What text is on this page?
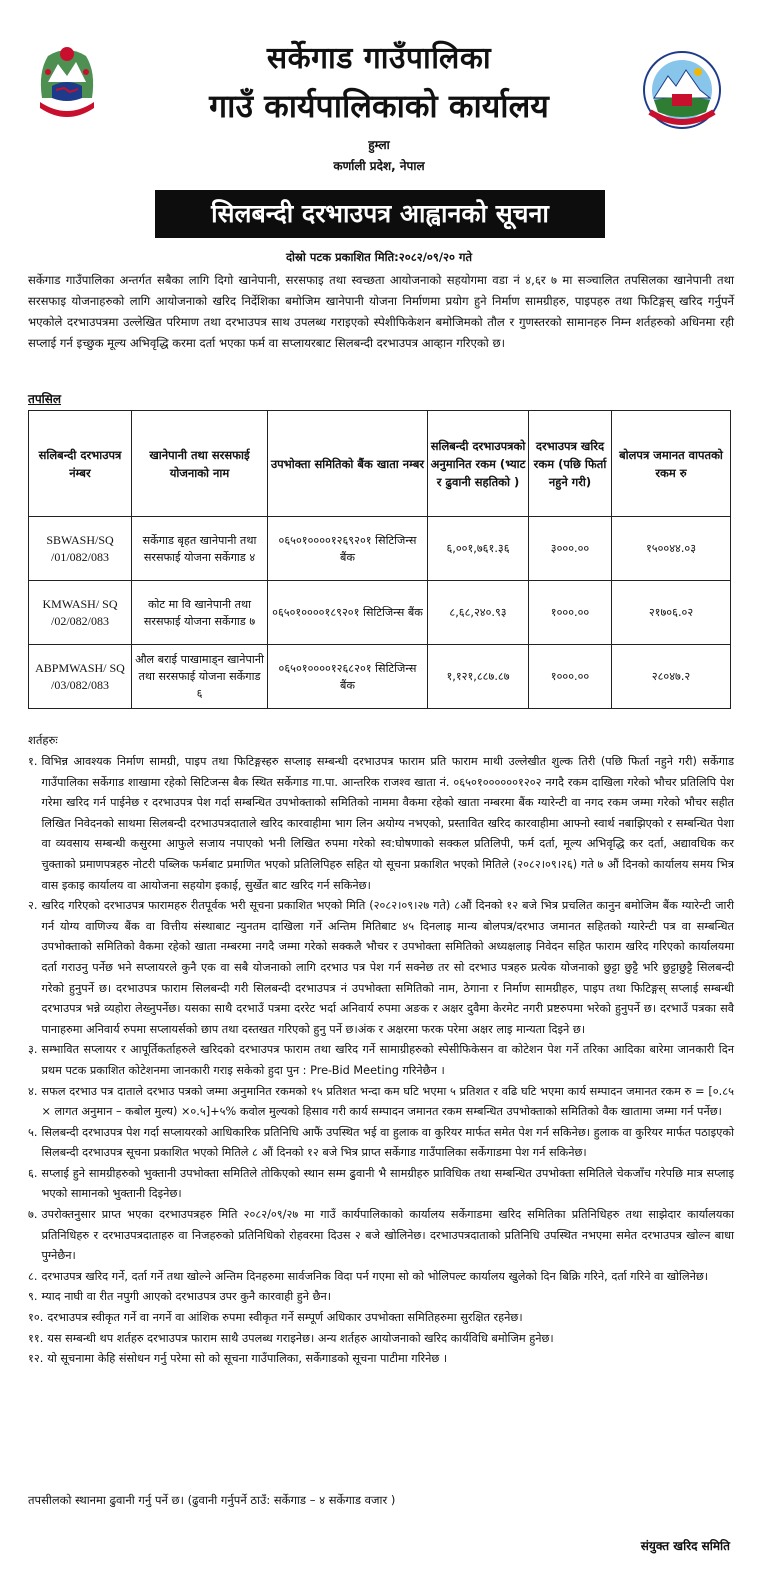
सर्केगाड गाउँपालिका
गाउँ कार्यपालिकाको कार्यालय
हुम्ला
कर्णाली प्रदेश, नेपाल
सिलबन्दी दरभाउपत्र आह्वानको सूचना
दोस्रो पटक प्रकाशित मिति:२०८२/०९/२० गते

सर्केगाड गाउँपालिका अन्तर्गत सबैका लागि दिगो खानेपानी, सरसफाइ तथा स्वच्छता आयोजनाको सहयोगमा वडा नं ४,६र ७ मा सञ्चालित तपसिलका खानेपानी तथा सरसफाइ योजनाहरुको लागि आयोजनाको खरिद निर्देशिका बमोजिम खानेपानी योजना निर्माणमा प्रयोग हुने निर्माण सामग्रीहरु, पाइपहरु तथा फिटिङ्गस् खरिद गर्नुपर्ने भएकोले दरभाउपत्रमा उल्लेखित परिमाण तथा दरभाउपत्र साथ उपलब्ध गराइएको स्पेशीफिकेशन बमोजिमको तौल र गुणस्तरको सामानहरु निम्न शर्तहरुको अधिनमा रही सप्लाई गर्न इच्छुक मूल्य अभिवृद्धि करमा दर्ता भएका फर्म वा सप्लायरबाट सिलबन्दी दरभाउपत्र आव्हान गरिएको छ।

तपसिल
सलिबन्दी दरभाउपत्र नंम्बर	खानेपानी तथा सरसफाई योजनाको नाम	उपभोक्ता समितिको बैंक खाता नम्बर	सलिबन्दी दरभाउपत्रको अनुमानित रकम (भ्याट र ढुवानी सहतिको )	दरभाउपत्र खरिद रकम (पछि फिर्ता नहुने गरी)	बोलपत्र जमानत वापतको रकम रु
SBWASH/SQ /01/082/083	सर्केगाड बृहत खानेपानी तथा सरसफाई योजना सर्केगाड ४	०६५०१००००१२६९२०१ सिटिजिन्स बैंक	६,००१,७६१.३६	३०००.००	१५००४४.०३
KMWASH/ SQ /02/082/083	कोट मा वि खानेपानी तथा सरसफाई योजना सर्केगाड ७	०६५०१००००१८९२०१ सिटिजिन्स बैंक	८,६८,२४०.९३	१०००.००	२१७०६.०२
ABPMWASH/ SQ /03/082/083	औल बराई पाखामाड्न खानेपानी तथा सरसफाई योजना सर्केगाड ६	०६५०१००००१२६८२०१ सिटिजिन्स बैंक	१,१२१,८८७.८७	१०००.००	२८०४७.२
शर्तहरुः
१. विभिन्न आवश्यक निर्माण सामग्री, पाइप तथा फिटिङ्गस्हरु सप्लाइ सम्बन्धी दरभाउपत्र फाराम प्रति फाराम माथी उल्लेखीत शुल्क तिरी (पछि फिर्ता नहुने गरी) सर्केगाड गाउँपालिका सर्केगाड शाखामा रहेको सिटिजन्स बैक स्थित सर्केगाड गा.पा. आन्तरिक राजश्व खाता नं. ०६५०१००००००१२०२ नगदै रकम दाखिला गरेको भौचर प्रतिलिपि पेश गरेमा खरिद गर्न पाईनेछ र दरभाउपत्र पेश गर्दा सम्बन्धित उपभोक्ताको समितिको नाममा वैकमा रहेको खाता नम्बरमा बैंक ग्यारेन्टी वा नगद रकम जम्मा गरेको भौचर सहीत लिखित निवेदनको साथमा सिलबन्दी दरभाउपत्रदाताले खरिद कारवाहीमा भाग लिन अयोग्य नभएको, प्रस्तावित खरिद कारवाहीमा आफ्नो स्वार्थ नबाझिएको र सम्बन्धित पेशा वा व्यवसाय सम्बन्धी कसुरमा आफुले सजाय नपाएको भनी लिखित रुपमा गरेको स्व:घोषणाको सक्कल प्रतिलिपी, फर्म दर्ता, मूल्य अभिवृद्धि कर दर्ता, अद्यावधिक कर चुक्ताको प्रमाणपत्रहरु नोटरी पब्लिक फर्मबाट प्रमाणित भएको प्रतिलिपिहरु सहित यो सूचना प्रकाशित भएको मितिले (२०८२।०९।२६) गते ७ औं दिनको कार्यालय समय भित्र वास इकाइ कार्यालय वा आयोजना सहयोग इकाई, सुर्खेत बाट खरिद गर्न सकिनेछ।
२. खरिद गरिएको दरभाउपत्र फारामहरु रीतपूर्वक भरी सूचना प्रकाशित भएको मिति (२०८२।०९।२७ गते) ८औं दिनको १२ बजे भित्र प्रचलित कानुन बमोजिम बैंक ग्यारेन्टी जारी गर्न योग्य वाणिज्य बैंक वा वित्तीय संस्थाबाट न्युनतम दाखिला गर्ने अन्तिम मितिबाट ४५ दिनलाइ मान्य बोलपत्र/दरभाउ जमानत सहितको ग्यारेन्टी पत्र वा सम्बन्धित उपभोक्ताको समितिको वैकमा रहेको खाता नम्बरमा नगदै जम्मा गरेको सक्कलै भौचर र उपभोक्ता समितिको अध्यक्षलाइ निवेदन सहित फाराम खरिद गरिएको कार्यालयमा दर्ता गराउनु पर्नेछ भने सप्लायरले कुनै एक वा सबै योजनाको लागि दरभाउ पत्र पेश गर्न सक्नेछ तर सो दरभाउ पत्रहरु प्रत्येक योजनाको छुट्टा छुट्टै भरि छुट्टाछुट्टै सिलबन्दी गरेको हुनुपर्ने छ। दरभाउपत्र फाराम सिलबन्दी गरी सिलबन्दी दरभाउपत्र नं उपभोक्ता समितिको नाम, ठेगाना र निर्माण सामग्रीहरु, पाइप तथा फिटिङ्गस् सप्लाई सम्बन्धी दरभाउपत्र भन्ने व्यहोरा लेख्नुपर्नेछ। यसका साथै दरभाउँ पत्रमा दररेट भर्दा अनिवार्य रुपमा अङक र अक्षर दुवैमा केरमेट नगरी प्रष्टरुपमा भरेको हुनुपर्ने छ। दरभाउँ पत्रका सवै पानाहरुमा अनिवार्य रुपमा सप्लायर्सको छाप तथा दस्तखत गरिएको हुनु पर्ने छ।अंक र अक्षरमा फरक परेमा अक्षर लाइ मान्यता दिइने छ।
३. सम्भावित सप्लायर र आपूर्तिकर्ताहरुले खरिदको दरभाउपत्र फाराम तथा खरिद गर्ने सामाग्रीहरुको स्पेसीफिकेसन वा कोटेशन पेश गर्ने तरिका आदिका बारेमा जानकारी दिन प्रथम पटक प्रकाशित कोटेशनमा जानकारी गराइ सकेको हुदा पुन : Pre-Bid Meeting गरिनेछैन ।
४. सफल दरभाउ पत्र दाताले दरभाउ पत्रको जम्मा अनुमानित रकमको १५ प्रतिशत भन्दा कम घटि भएमा ५ प्रतिशत र वढि घटि भएमा कार्य सम्पादन जमानत रकम रु = [०.८५ × लागत अनुमान – कबोल मुल्य) ×०.५]+५% कवोल मुल्यको हिसाव गरी कार्य सम्पादन जमानत रकम सम्बन्धित उपभोक्ताको समितिको वैक खातामा जम्मा गर्न पर्नेछ।
५. सिलबन्दी दरभाउपत्र पेश गर्दा सप्लायरको आधिकारिक प्रतिनिधि आफैं उपस्थित भई वा हुलाक वा कुरियर मार्फत समेत पेश गर्न सकिनेछ। हुलाक वा कुरियर मार्फत पठाइएको सिलबन्दी दरभाउपत्र सूचना प्रकाशित भएको मितिले ८ औं दिनको १२ बजे भित्र प्राप्त सर्केगाड गाउँपालिका सर्केगाडमा पेश गर्न सकिनेछ।
६. सप्लाई हुने सामग्रीहरुको भुक्तानी उपभोक्ता समितिले तोकिएको स्थान सम्म ढुवानी भै सामग्रीहरु प्राविधिक तथा सम्बन्धित उपभोक्ता समितिले चेकजाँच गरेपछि मात्र सप्लाइ भएको सामानको भुक्तानी दिइनेछ।
७. उपरोक्तनुसार प्राप्त भएका दरभाउपत्रहरु मिति २०८२/०९/२७ मा गाउँ कार्यपालिकाको कार्यालय सर्केगाडमा खरिद समितिका प्रतिनिधिहरु तथा साझेदार कार्यालयका प्रतिनिधिहरु र दरभाउपत्रदाताहरु वा निजहरुको प्रतिनिधिको रोहवरमा दिउस २ बजे खोलिनेछ। दरभाउपत्रदाताको प्रतिनिधि उपस्थित नभएमा समेत दरभाउपत्र खोल्न बाधा पुग्नेछैन।
८. दरभाउपत्र खरिद गर्ने, दर्ता गर्ने तथा खोल्ने अन्तिम दिनहरुमा सार्वजनिक विदा पर्न गएमा सो को भोलिपल्ट कार्यालय खुलेको दिन बिक्रि गरिने, दर्ता गरिने वा खोलिनेछ।
९. म्याद नाघी वा रीत नपुगी आएको दरभाउपत्र उपर कुनै कारवाही हुने छैन।
१०. दरभाउपत्र स्वीकृत गर्ने वा नगर्ने वा आंशिक रुपमा स्वीकृत गर्ने सम्पूर्ण अधिकार उपभोक्ता समितिहरुमा सुरक्षित रहनेछ।
११. यस सम्बन्धी थप शर्तहरु दरभाउपत्र फाराम साथै उपलब्ध गराइनेछ। अन्य शर्तहरु आयोजनाको खरिद कार्यविधि बमोजिम हुनेछ।
१२. यो सूचनामा केहि संसोधन गर्नु परेमा सो को सूचना गाउँपालिका, सर्केगाडको सूचना पाटीमा गरिनेछ ।
तपसीलको स्थानमा ढुवानी गर्नु पर्ने छ। (ढुवानी गर्नुपर्ने ठाउँ: सर्केगाड – ४ सर्केगाड वजार )
संयुक्त खरिद समिति
